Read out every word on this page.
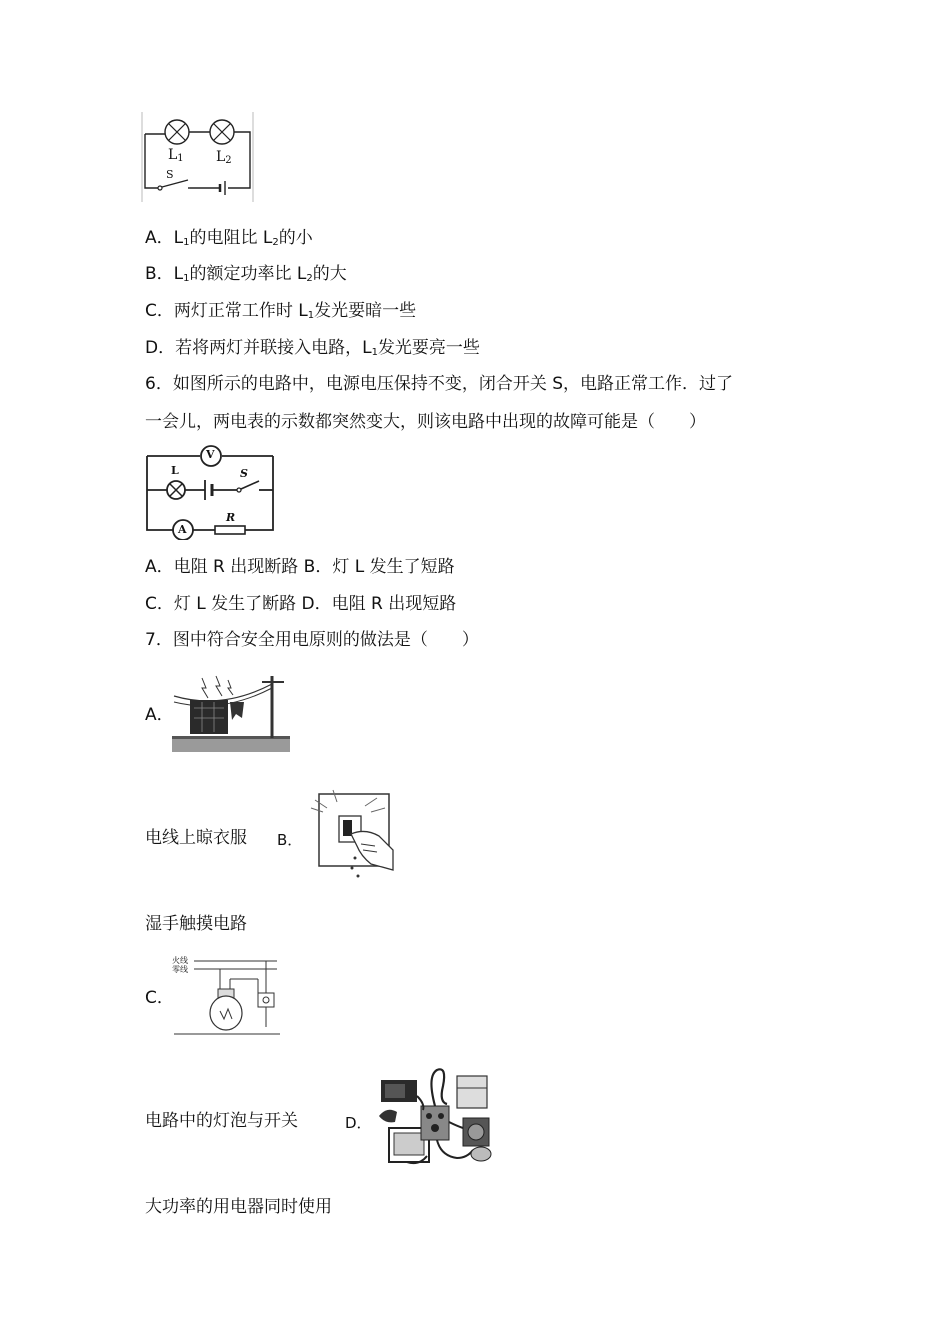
$L_1$ $L_2$
S
A．$L_1$的电阻比 $L_2$的小
B．$L_1$的额定功率比 $L_2$的大
C．两灯正常工作时 $L_1$发光要暗一些
D．若将两灯并联接入电路，$L_1$发光要亮一些
6．如图所示的电路中，电源电压保持不变，闭合开关 S，电路正常工作．过了
一会儿，两电表的示数都突然变大，则该电路中出现的故障可能是（　　）
V
L	S
A
R
A．电阻 R 出现断路 B．灯 L 发生了短路
C．灯 L 发生了断路 D．电阻 R 出现短路
7．图中符合安全用电原则的做法是（　　）
A．
电线上晾衣服 B．
湿手触摸电路
C．
火线
零线
电路中的灯泡与开关	D．
大功率的用电器同时使用
